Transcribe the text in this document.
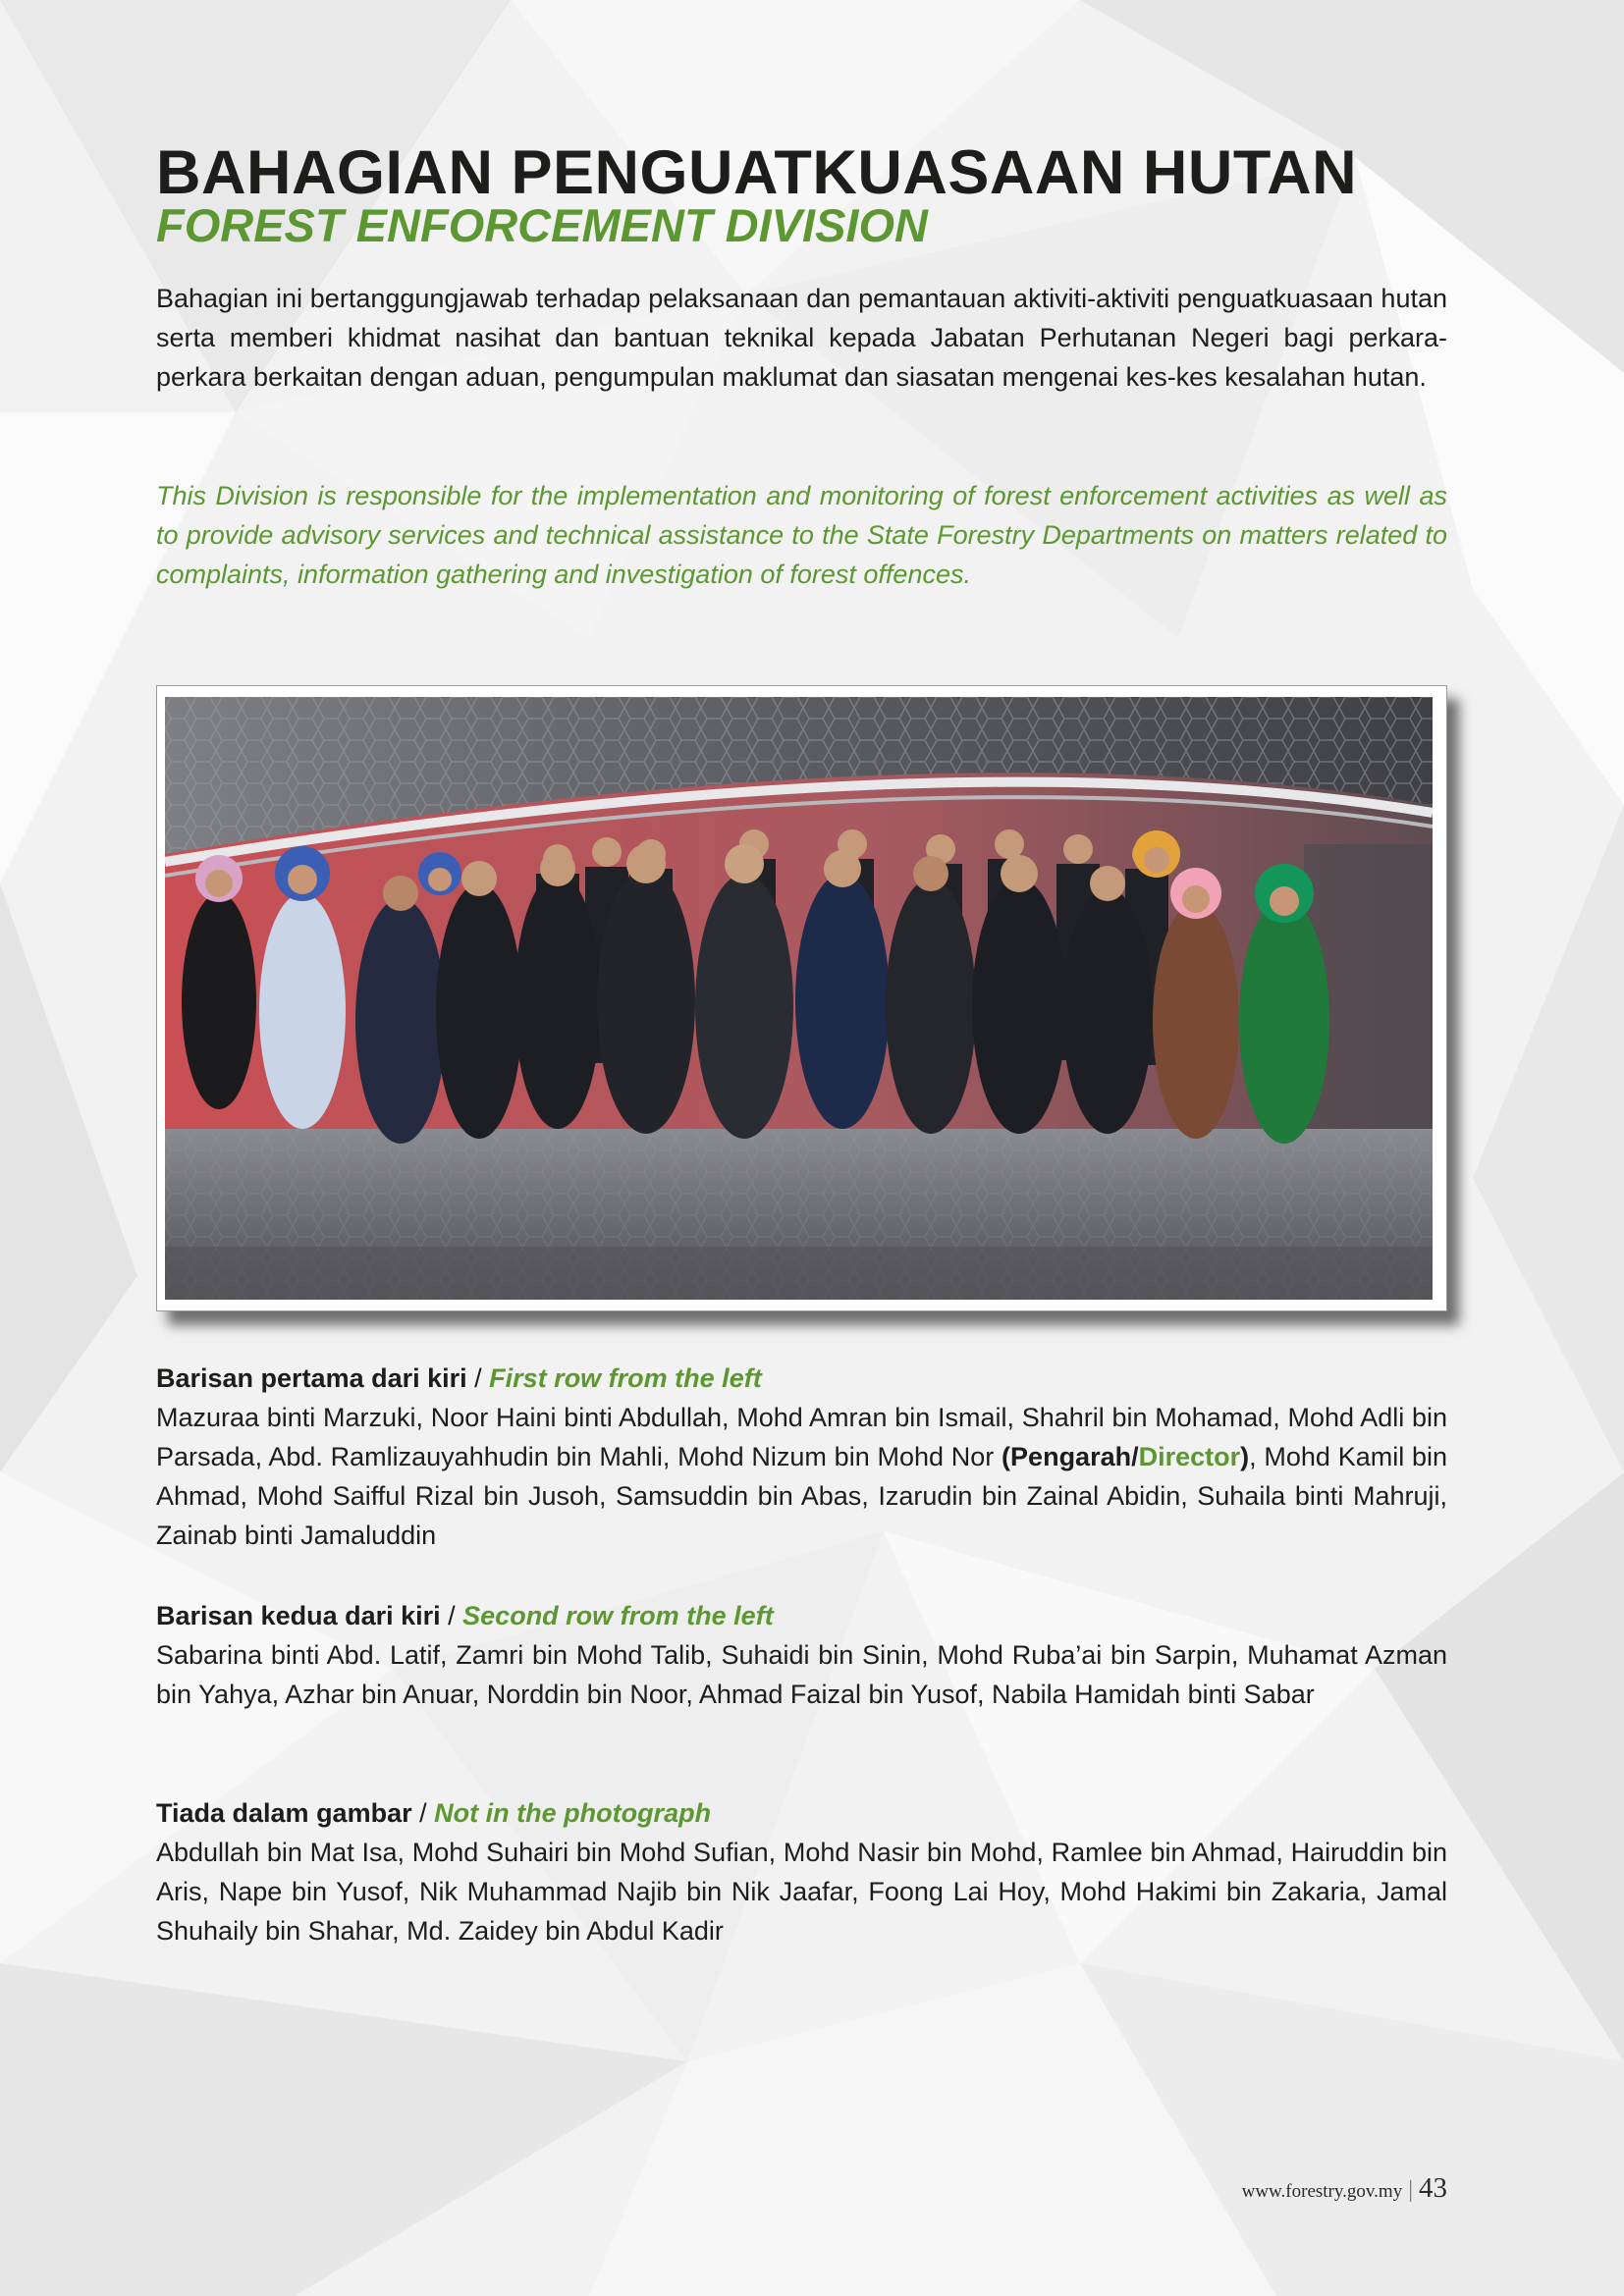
BAHAGIAN PENGUATKUASAAN HUTAN
FOREST ENFORCEMENT DIVISION

Bahagian ini bertanggungjawab terhadap pelaksanaan dan pemantauan aktiviti-aktiviti penguatkuasaan hutan serta memberi khidmat nasihat dan bantuan teknikal kepada Jabatan Perhutanan Negeri bagi perkara-perkara berkaitan dengan aduan, pengumpulan maklumat dan siasatan mengenai kes-kes kesalahan hutan.

This Division is responsible for the implementation and monitoring of forest enforcement activities as well as to provide advisory services and technical assistance to the State Forestry Departments on matters related to complaints, information gathering and investigation of forest offences.

Barisan pertama dari kiri / First row from the left
Mazuraa binti Marzuki, Noor Haini binti Abdullah, Mohd Amran bin Ismail, Shahril bin Mohamad, Mohd Adli bin Parsada, Abd. Ramlizauyahhudin bin Mahli, Mohd Nizum bin Mohd Nor (Pengarah/Director), Mohd Kamil bin Ahmad, Mohd Saifful Rizal bin Jusoh, Samsuddin bin Abas, Izarudin bin Zainal Abidin, Suhaila binti Mahruji, Zainab binti Jamaluddin

Barisan kedua dari kiri / Second row from the left
Sabarina binti Abd. Latif, Zamri bin Mohd Talib, Suhaidi bin Sinin, Mohd Ruba’ai bin Sarpin, Muhamat Azman bin Yahya, Azhar bin Anuar, Norddin bin Noor, Ahmad Faizal bin Yusof, Nabila Hamidah binti Sabar

Tiada dalam gambar / Not in the photograph
Abdullah bin Mat Isa, Mohd Suhairi bin Mohd Sufian, Mohd Nasir bin Mohd, Ramlee bin Ahmad, Hairuddin bin Aris, Nape bin Yusof, Nik Muhammad Najib bin Nik Jaafar, Foong Lai Hoy, Mohd Hakimi bin Zakaria, Jamal Shuhaily bin Shahar, Md. Zaidey bin Abdul Kadir

www.forestry.gov.my | 43
